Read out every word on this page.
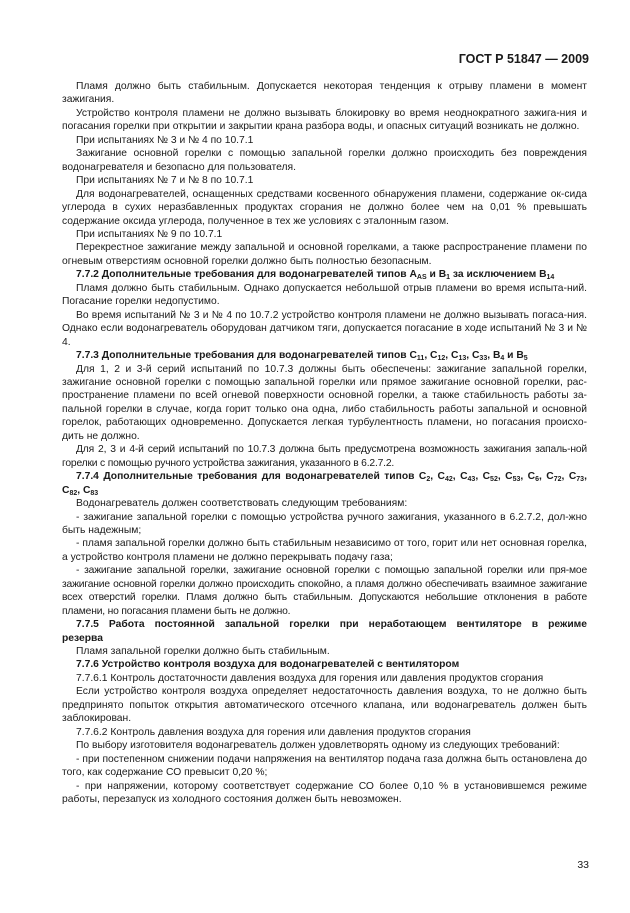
ГОСТ Р 51847 — 2009

Пламя должно быть стабильным. Допускается некоторая тенденция к отрыву пламени в момент зажигания.

Устройство контроля пламени не должно вызывать блокировку во время неоднократного зажига-ния и погасания горелки при открытии и закрытии крана разбора воды, и опасных ситуаций возникать не должно.

При испытаниях № 3 и № 4 по 10.7.1

Зажигание основной горелки с помощью запальной горелки должно происходить без повреждения водонагревателя и безопасно для пользователя.

При испытаниях № 7 и № 8 по 10.7.1

Для водонагревателей, оснащенных средствами косвенного обнаружения пламени, содержание ок-сида углерода в сухих неразбавленных продуктах сгорания не должно более чем на 0,01 % превышать содержание оксида углерода, полученное в тех же условиях с эталонным газом.

При испытаниях № 9 по 10.7.1

Перекрестное зажигание между запальной и основной горелками, а также распространение пламени по огневым отверстиям основной горелки должно быть полностью безопасным.

7.7.2 Дополнительные требования для водонагревателей типов $A_{AS}$ и $B_1$ за исключением $B_{14}$

Пламя должно быть стабильным. Однако допускается небольшой отрыв пламени во время испыта-ний. Погасание горелки недопустимо.

Во время испытаний № 3 и № 4 по 10.7.2 устройство контроля пламени не должно вызывать погаса-ния. Однако если водонагреватель оборудован датчиком тяги, допускается погасание в ходе испытаний № 3 и № 4.

7.7.3 Дополнительные требования для водонагревателей типов $C_{11}$, $C_{12}$, $C_{13}$, $C_{33}$, $B_4$ и $B_5$

Для 1, 2 и 3-й серий испытаний по 10.7.3 должны быть обеспечены: зажигание запальной горелки, зажигание основной горелки с помощью запальной горелки или прямое зажигание основной горелки, рас-пространение пламени по всей огневой поверхности основной горелки, а также стабильность работы за-пальной горелки в случае, когда горит только она одна, либо стабильность работы запальной и основной горелок, работающих одновременно. Допускается легкая турбулентность пламени, но погасания происхо-дить не должно.

Для 2, 3 и 4-й серий испытаний по 10.7.3 должна быть предусмотрена возможность зажигания запаль-ной горелки с помощью ручного устройства зажигания, указанного в 6.2.7.2.

7.7.4 Дополнительные требования для водонагревателей типов $C_2$, $C_{42}$, $C_{43}$, $C_{52}$, $C_{53}$, $C_6$, $C_{72}$, $C_{73}$, $C_{82}$, $C_{83}$

Водонагреватель должен соответствовать следующим требованиям:

- зажигание запальной горелки с помощью устройства ручного зажигания, указанного в 6.2.7.2, дол-жно быть надежным;

- пламя запальной горелки должно быть стабильным независимо от того, горит или нет основная горелка, а устройство контроля пламени не должно перекрывать подачу газа;

- зажигание запальной горелки, зажигание основной горелки с помощью запальной горелки или пря-мое зажигание основной горелки должно происходить спокойно, а пламя должно обеспечивать взаимное зажигание всех отверстий горелки. Пламя должно быть стабильным. Допускаются небольшие отклонения в работе пламени, но погасания пламени быть не должно.

7.7.5 Работа постоянной запальной горелки при неработающем вентиляторе в режиме резерва

Пламя запальной горелки должно быть стабильным.

7.7.6 Устройство контроля воздуха для водонагревателей с вентилятором

7.7.6.1 Контроль достаточности давления воздуха для горения или давления продуктов сгорания

Если устройство контроля воздуха определяет недостаточность давления воздуха, то не должно быть предпринято попыток открытия автоматического отсечного клапана, или водонагреватель должен быть заблокирован.

7.7.6.2 Контроль давления воздуха для горения или давления продуктов сгорания

По выбору изготовителя водонагреватель должен удовлетворять одному из следующих требований:

- при постепенном снижении подачи напряжения на вентилятор подача газа должна быть остановлена до того, как содержание СО превысит 0,20 %;

- при напряжении, которому соответствует содержание СО более 0,10 % в установившемся режиме работы, перезапуск из холодного состояния должен быть невозможен.

33
